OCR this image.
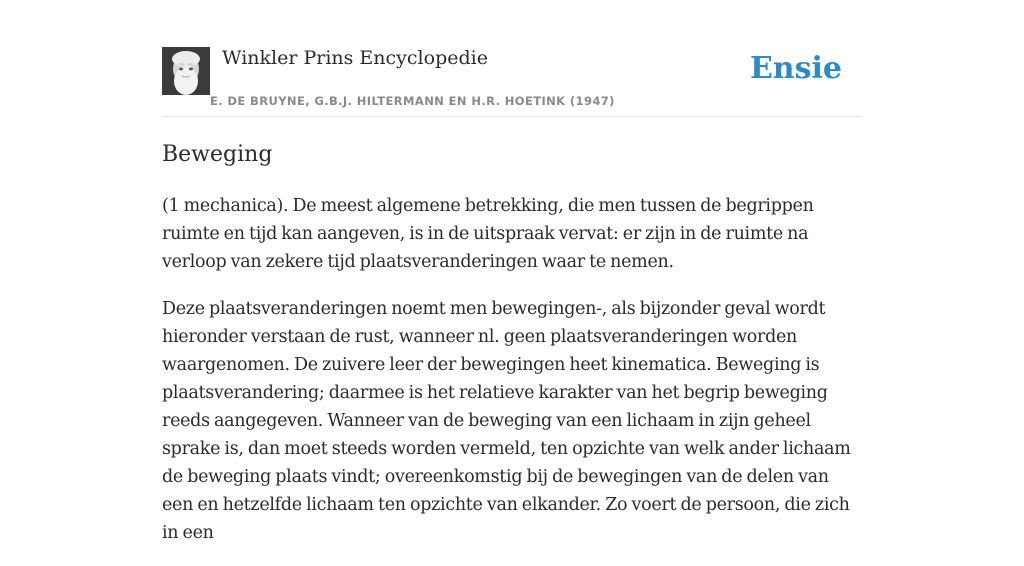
Winkler Prins Encyclopedie
E. DE BRUYNE, G.B.J. HILTERMANN EN H.R. HOETINK (1947)
Ensie
Beweging

(1 mechanica). De meest algemene betrekking, die men tussen de begrippen ruimte en tijd kan aangeven, is in de uitspraak vervat: er zijn in de ruimte na verloop van zekere tijd plaatsveranderingen waar te nemen.

Deze plaatsveranderingen noemt men bewegingen-, als bijzonder geval wordt hieronder verstaan de rust, wanneer nl. geen plaatsveranderingen worden waargenomen. De zuivere leer der bewegingen heet kinematica. Beweging is plaatsverandering; daarmee is het relatieve karakter van het begrip beweging reeds aangegeven. Wanneer van de beweging van een lichaam in zijn geheel sprake is, dan moet steeds worden vermeld, ten opzichte van welk ander lichaam de beweging plaats vindt; overeenkomstig bij de bewegingen van de delen van een en hetzelfde lichaam ten opzichte van elkander. Zo voert de persoon, die zich in een
